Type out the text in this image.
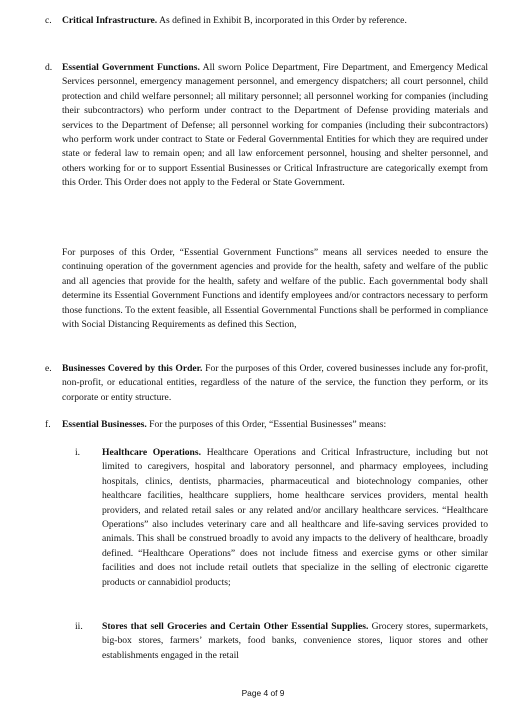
c. Critical Infrastructure. As defined in Exhibit B, incorporated in this Order by reference.

d. Essential Government Functions. All sworn Police Department, Fire Department, and Emergency Medical Services personnel, emergency management personnel, and emergency dispatchers; all court personnel, child protection and child welfare personnel; all military personnel; all personnel working for companies (including their subcontractors) who perform under contract to the Department of Defense providing materials and services to the Department of Defense; all personnel working for companies (including their subcontractors) who perform work under contract to State or Federal Governmental Entities for which they are required under state or federal law to remain open; and all law enforcement personnel, housing and shelter personnel, and others working for or to support Essential Businesses or Critical Infrastructure are categorically exempt from this Order. This Order does not apply to the Federal or State Government.

For purposes of this Order, “Essential Government Functions” means all services needed to ensure the continuing operation of the government agencies and provide for the health, safety and welfare of the public and all agencies that provide for the health, safety and welfare of the public. Each governmental body shall determine its Essential Government Functions and identify employees and/or contractors necessary to perform those functions. To the extent feasible, all Essential Governmental Functions shall be performed in compliance with Social Distancing Requirements as defined this Section,

e. Businesses Covered by this Order. For the purposes of this Order, covered businesses include any for-profit, non-profit, or educational entities, regardless of the nature of the service, the function they perform, or its corporate or entity structure.

f. Essential Businesses. For the purposes of this Order, “Essential Businesses” means:

i. Healthcare Operations. Healthcare Operations and Critical Infrastructure, including but not limited to caregivers, hospital and laboratory personnel, and pharmacy employees, including hospitals, clinics, dentists, pharmacies, pharmaceutical and biotechnology companies, other healthcare facilities, healthcare suppliers, home healthcare services providers, mental health providers, and related retail sales or any related and/or ancillary healthcare services. “Healthcare Operations” also includes veterinary care and all healthcare and life-saving services provided to animals. This shall be construed broadly to avoid any impacts to the delivery of healthcare, broadly defined. “Healthcare Operations” does not include fitness and exercise gyms or other similar facilities and does not include retail outlets that specialize in the selling of electronic cigarette products or cannabidiol products;

ii. Stores that sell Groceries and Certain Other Essential Supplies. Grocery stores, supermarkets, big-box stores, farmers’ markets, food banks, convenience stores, liquor stores and other establishments engaged in the retail

Page 4 of 9
